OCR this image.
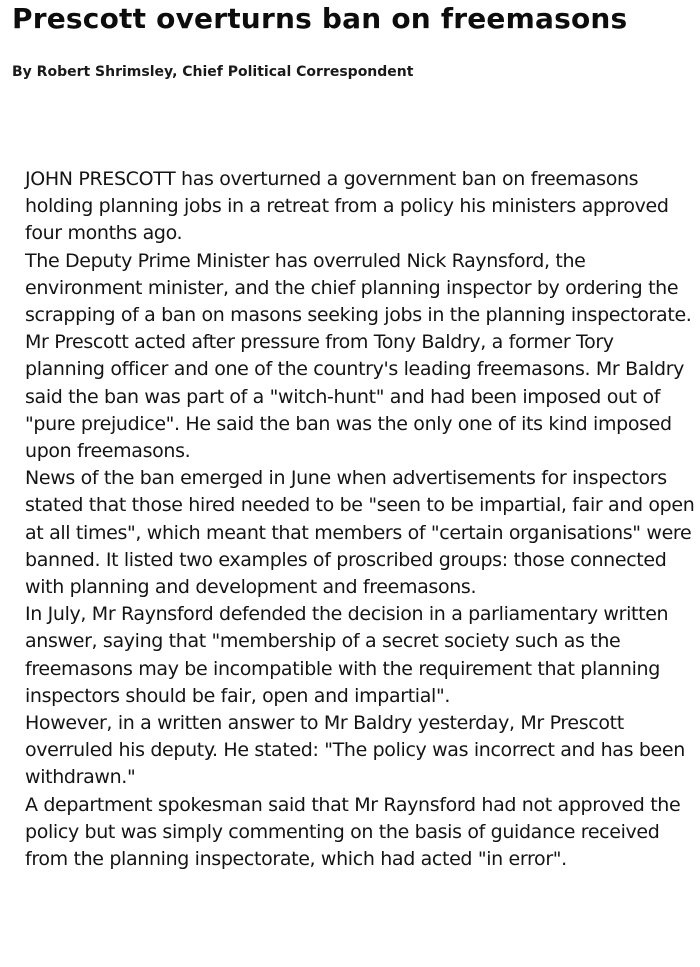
Prescott overturns ban on freemasons
By Robert Shrimsley, Chief Political Correspondent

JOHN PRESCOTT has overturned a government ban on freemasons holding planning jobs in a retreat from a policy his ministers approved four months ago.

The Deputy Prime Minister has overruled Nick Raynsford, the environment minister, and the chief planning inspector by ordering the scrapping of a ban on masons seeking jobs in the planning inspectorate.

Mr Prescott acted after pressure from Tony Baldry, a former Tory planning officer and one of the country's leading freemasons. Mr Baldry said the ban was part of a "witch-hunt" and had been imposed out of "pure prejudice". He said the ban was the only one of its kind imposed upon freemasons.

News of the ban emerged in June when advertisements for inspectors stated that those hired needed to be "seen to be impartial, fair and open at all times", which meant that members of "certain organisations" were banned. It listed two examples of proscribed groups: those connected with planning and development and freemasons.

In July, Mr Raynsford defended the decision in a parliamentary written answer, saying that "membership of a secret society such as the freemasons may be incompatible with the requirement that planning inspectors should be fair, open and impartial".

However, in a written answer to Mr Baldry yesterday, Mr Prescott overruled his deputy. He stated: "The policy was incorrect and has been withdrawn."

A department spokesman said that Mr Raynsford had not approved the policy but was simply commenting on the basis of guidance received from the planning inspectorate, which had acted "in error".
